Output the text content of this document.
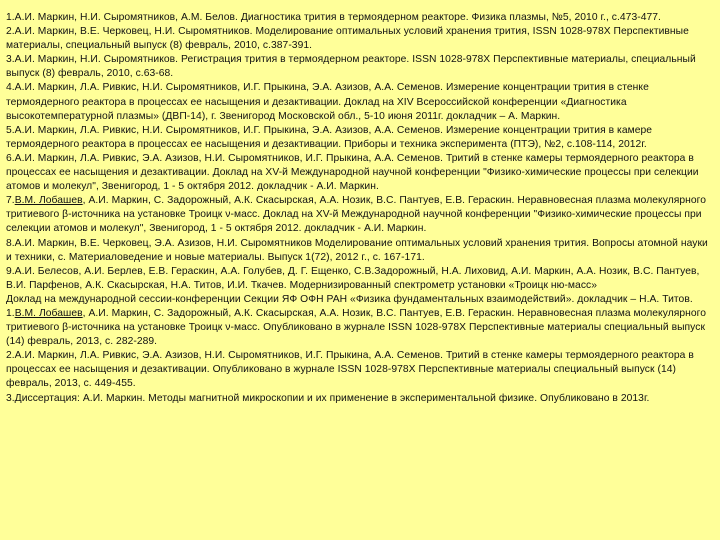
1.А.И. Маркин, Н.И. Сыромятников, А.М. Белов. Диагностика трития в термоядерном реакторе. Физика плазмы, №5, 2010 г., с.473-477.
2.А.И. Маркин, В.Е. Черковец, Н.И. Сыромятников. Моделирование оптимальных условий хранения трития, ISSN 1028-978X Перспективные материалы, специальный выпуск (8) февраль, 2010, с.387-391.
3.А.И. Маркин, Н.И. Сыромятников. Регистрация трития в термоядерном реакторе. ISSN 1028-978X Перспективные материалы, специальный выпуск (8) февраль, 2010, с.63-68.
4.А.И. Маркин, Л.А. Ривкис, Н.И. Сыромятников, И.Г. Прыкина, Э.А. Азизов, А.А. Семенов. Измерение концентрации трития в стенке термоядерного реактора в процессах ее насыщения и дезактивации. Доклад на XIV Всероссийской конференции «Диагностика высокотемпературной плазмы» (ДВП-14), г. Звенигород Московской обл., 5-10 июня 2011г. докладчик – А. Маркин.
5.А.И. Маркин, Л.А. Ривкис, Н.И. Сыромятников, И.Г. Прыкина, Э.А. Азизов, А.А. Семенов. Измерение концентрации трития в камере термоядерного реактора в процессах ее насыщения и дезактивации. Приборы и техника эксперимента (ПТЭ), №2, с.108-114, 2012г.
6.А.И. Маркин, Л.А. Ривкис, Э.А. Азизов, Н.И. Сыромятников, И.Г. Прыкина, А.А. Семенов. Тритий в стенке камеры термоядерного реактора в процессах ее насыщения и дезактивации. Доклад на XV-й Международной научной конференции "Физико-химические процессы при селекции атомов и молекул", Звенигород, 1 - 5 октября 2012. докладчик - А.И. Маркин.
7.В.М. Лобашев, А.И. Маркин, С. Задорожный, А.К. Скасырская, А.А. Нозик, В.С. Пантуев, Е.В. Гераскин. Неравновесная плазма молекулярного тритиевого β-источника на установке Троицк ν-масс. Доклад на XV-й Международной научной конференции "Физико-химические процессы при селекции атомов и молекул", Звенигород, 1 - 5 октября 2012. докладчик - А.И. Маркин.
8.А.И. Маркин, В.Е. Черковец, Э.А. Азизов, Н.И. Сыромятников Моделирование оптимальных условий хранения трития. Вопросы атомной науки и техники, с. Материаловедение и новые материалы. Выпуск 1(72), 2012 г., с. 167-171.
9.А.И. Белесов, А.И. Берлев, Е.В. Гераскин, А.А. Голубев, Д. Г. Ещенко, С.В.Задорожный, Н.А. Лиховид, А.И. Маркин, А.А. Нозик, В.С. Пантуев, В.И. Парфенов, А.К. Скасырская, Н.А. Титов, И.И. Ткачев. Модернизированный спектрометр установки «Троицк ню-масс»
Доклад на международной сессии-конференции Секции ЯФ ОФН РАН «Физика фундаментальных взаимодействий». докладчик – Н.А. Титов.
1.В.М. Лобашев, А.И. Маркин, С. Задорожный, А.К. Скасырская, А.А. Нозик, В.С. Пантуев, Е.В. Гераскин. Неравновесная плазма молекулярного тритиевого β-источника на установке Троицк ν-масс. Опубликовано в журнале ISSN 1028-978X Перспективные материалы специальный выпуск (14) февраль, 2013, с. 282-289.
2.А.И. Маркин, Л.А. Ривкис, Э.А. Азизов, Н.И. Сыромятников, И.Г. Прыкина, А.А. Семенов. Тритий в стенке камеры термоядерного реактора в процессах ее насыщения и дезактивации. Опубликовано в журнале ISSN 1028-978X Перспективные материалы специальный выпуск (14) февраль, 2013, с. 449-455.
3.Диссертация: А.И. Маркин. Методы магнитной микроскопии и их применение в экспериментальной физике. Опубликовано в 2013г.
